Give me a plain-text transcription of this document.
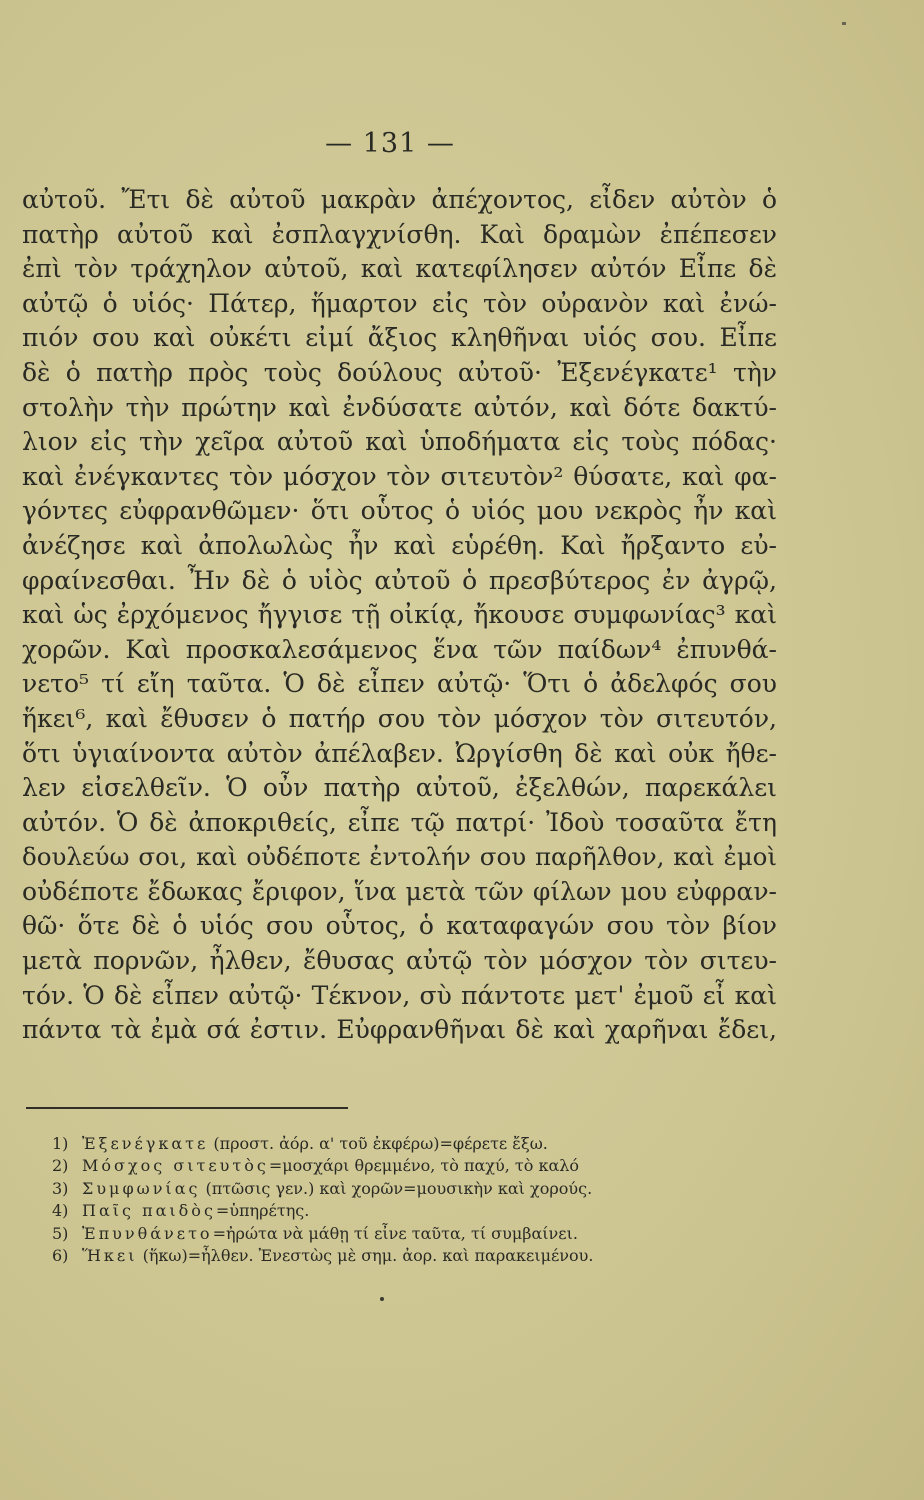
— 131 —
αὐτοῦ. Ἔτι δὲ αὐτοῦ μακρὰν ἀπέχοντος, εἶδεν αὐτὸν ὁ
πατὴρ αὐτοῦ καὶ ἐσπλαγχνίσθη. Καὶ δραμὼν ἐπέπεσεν
ἐπὶ τὸν τράχηλον αὐτοῦ, καὶ κατεφίλησεν αὐτόν Εἶπε δὲ
αὐτῷ ὁ υἱός· Πάτερ, ἥμαρτον εἰς τὸν οὐρανὸν καὶ ἐνώ-
πιόν σου καὶ οὐκέτι εἰμί ἄξιος κληθῆναι υἱός σου. Εἶπε
δὲ ὁ πατὴρ πρὸς τοὺς δούλους αὐτοῦ· Ἐξενέγκατε¹ τὴν
στολὴν τὴν πρώτην καὶ ἐνδύσατε αὐτόν, καὶ δότε δακτύ-
λιον εἰς τὴν χεῖρα αὐτοῦ καὶ ὑποδήματα εἰς τοὺς πόδας·
καὶ ἐνέγκαντες τὸν μόσχον τὸν σιτευτὸν² θύσατε, καὶ φα-
γόντες εὐφρανθῶμεν· ὅτι οὗτος ὁ υἱός μου νεκρὸς ἦν καὶ
ἀνέζησε καὶ ἀπολωλὼς ἦν καὶ εὑρέθη. Καὶ ἤρξαντο εὐ-
φραίνεσθαι. Ἦν δὲ ὁ υἱὸς αὐτοῦ ὁ πρεσβύτερος ἐν ἀγρῷ,
καὶ ὡς ἐρχόμενος ἤγγισε τῇ οἰκίᾳ, ἤκουσε συμφωνίας³ καὶ
χορῶν. Καὶ προσκαλεσάμενος ἕνα τῶν παίδων⁴ ἐπυνθά-
νετο⁵ τί εἴη ταῦτα. Ὁ δὲ εἶπεν αὐτῷ· Ὅτι ὁ ἀδελφός σου
ἥκει⁶, καὶ ἔθυσεν ὁ πατήρ σου τὸν μόσχον τὸν σιτευτόν,
ὅτι ὑγιαίνοντα αὐτὸν ἀπέλαβεν. Ὠργίσθη δὲ καὶ οὐκ ἤθε-
λεν εἰσελθεῖν. Ὁ οὖν πατὴρ αὐτοῦ, ἐξελθών, παρεκάλει
αὐτόν. Ὁ δὲ ἀποκριθείς, εἶπε τῷ πατρί· Ἰδοὺ τοσαῦτα ἔτη
δουλεύω σοι, καὶ οὐδέποτε ἐντολήν σου παρῆλθον, καὶ ἐμοὶ
οὐδέποτε ἔδωκας ἔριφον, ἵνα μετὰ τῶν φίλων μου εὐφραν-
θῶ· ὅτε δὲ ὁ υἱός σου οὗτος, ὁ καταφαγών σου τὸν βίον
μετὰ πορνῶν, ἦλθεν, ἔθυσας αὐτῷ τὸν μόσχον τὸν σιτευ-
τόν. Ὁ δὲ εἶπεν αὐτῷ· Τέκνον, σὺ πάντοτε μετ' ἐμοῦ εἶ καὶ
πάντα τὰ ἐμὰ σά ἐστιν. Εὐφρανθῆναι δὲ καὶ χαρῆναι ἔδει,
1) Ἐξενέγκατε (προστ. ἀόρ. α' τοῦ ἐκφέρω)=φέρετε ἔξω.
2) Μόσχος σιτευτὸς=μοσχάρι θρεμμένο, τὸ παχύ, τὸ καλό
3) Συμφωνίας (πτῶσις γεν.) καὶ χορῶν=μουσικὴν καὶ χορούς.
4) Παῖς παιδὸς=ὑπηρέτης.
5) Ἐπυνθάνετο=ἠρώτα νὰ μάθῃ τί εἶνε ταῦτα, τί συμβαίνει.
6) Ἥκει (ἥκω)=ἦλθεν. Ἐνεστὼς μὲ σημ. ἀορ. καὶ παρακειμένου.
